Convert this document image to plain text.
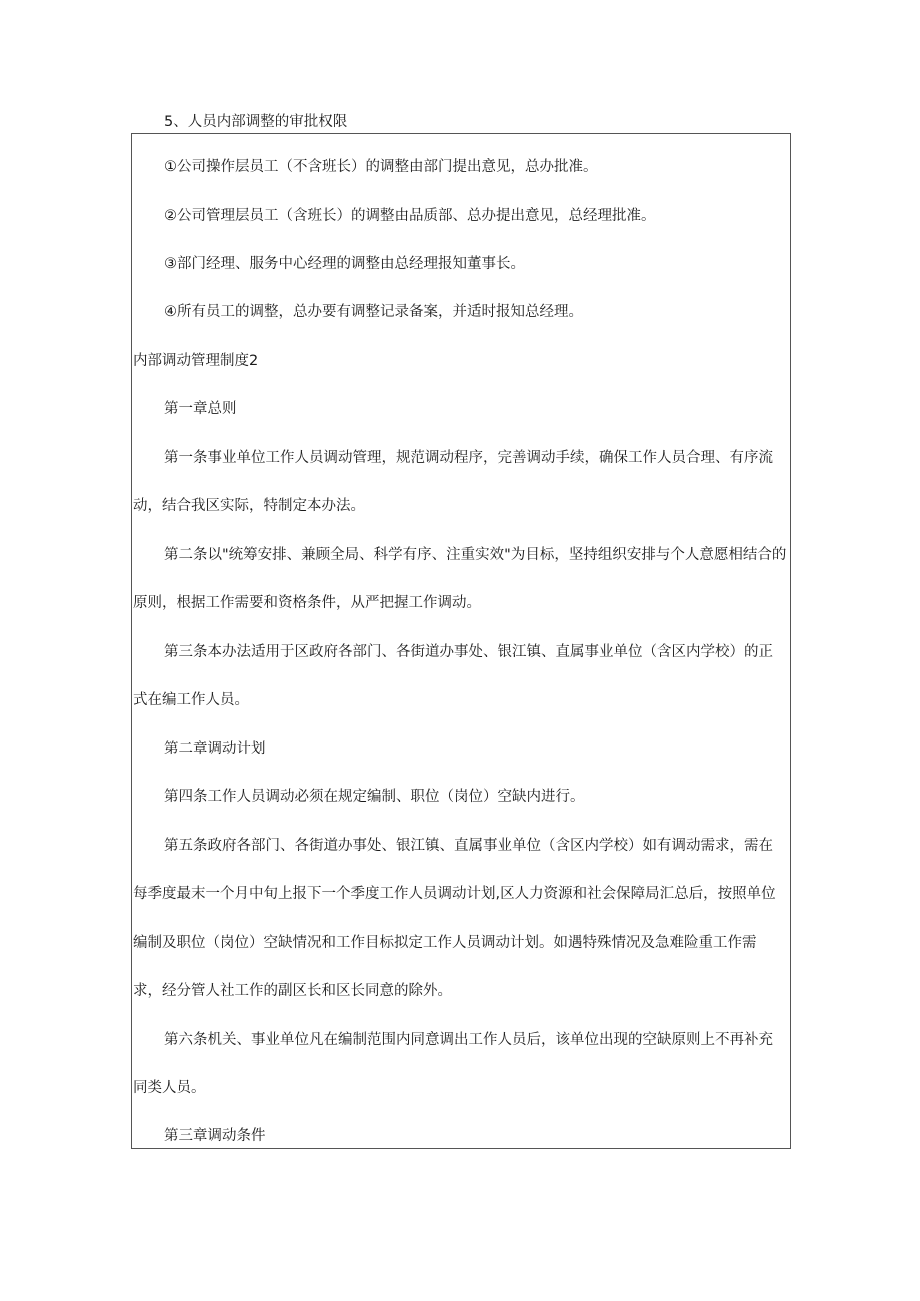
5、人员内部调整的审批权限
①公司操作层员工（不含班长）的调整由部门提出意见，总办批准。
②公司管理层员工（含班长）的调整由品质部、总办提出意见，总经理批准。
③部门经理、服务中心经理的调整由总经理报知董事长。
④所有员工的调整，总办要有调整记录备案，并适时报知总经理。
内部调动管理制度2
第一章总则
第一条事业单位工作人员调动管理，规范调动程序，完善调动手续，确保工作人员合理、有序流
动，结合我区实际，特制定本办法。
第二条以"统筹安排、兼顾全局、科学有序、注重实效"为目标，坚持组织安排与个人意愿相结合的
原则，根据工作需要和资格条件，从严把握工作调动。
第三条本办法适用于区政府各部门、各街道办事处、银江镇、直属事业单位（含区内学校）的正
式在编工作人员。
第二章调动计划
第四条工作人员调动必须在规定编制、职位（岗位）空缺内进行。
第五条政府各部门、各街道办事处、银江镇、直属事业单位（含区内学校）如有调动需求，需在
每季度最末一个月中旬上报下一个季度工作人员调动计划,区人力资源和社会保障局汇总后，按照单位
编制及职位（岗位）空缺情况和工作目标拟定工作人员调动计划。如遇特殊情况及急难险重工作需
求，经分管人社工作的副区长和区长同意的除外。
第六条机关、事业单位凡在编制范围内同意调出工作人员后，该单位出现的空缺原则上不再补充
同类人员。
第三章调动条件
